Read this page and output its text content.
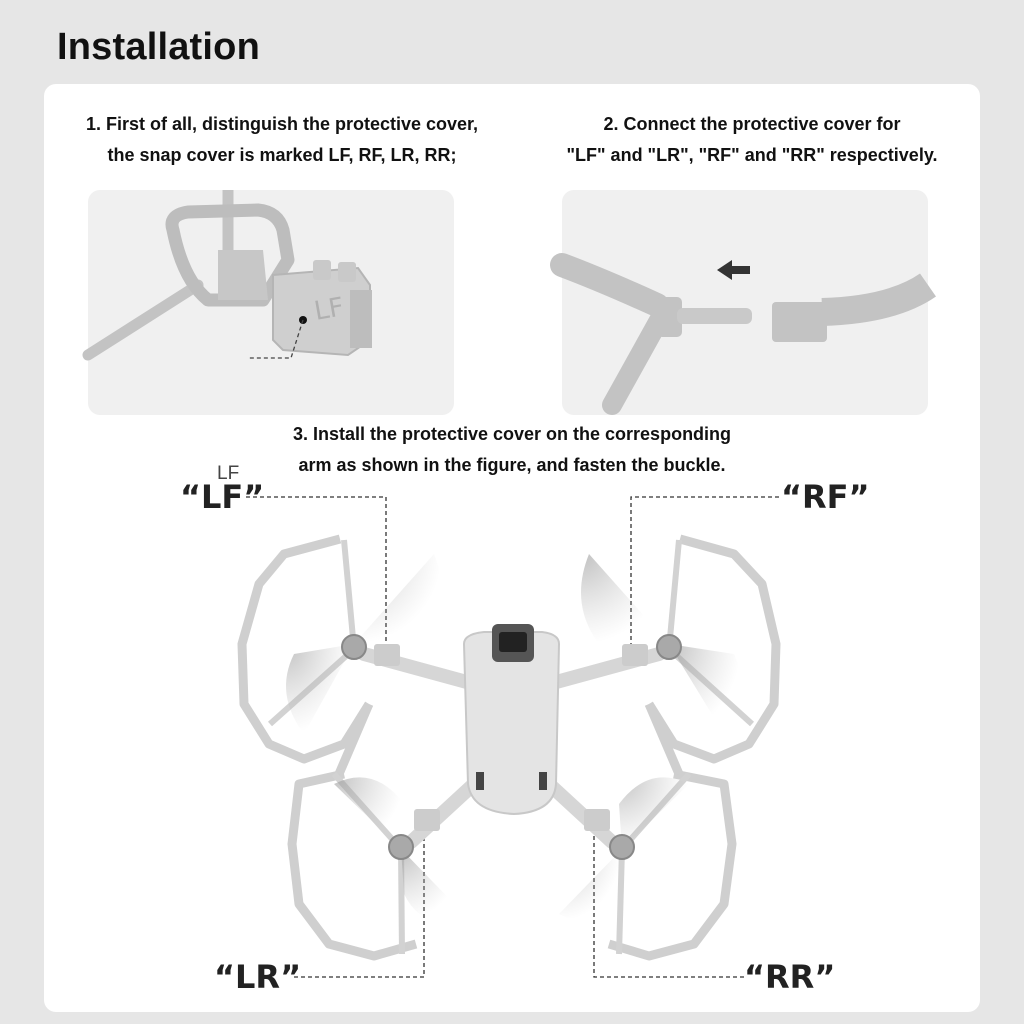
Installation
1. First of all, distinguish the protective cover,
the snap cover is marked LF, RF, LR, RR;
2. Connect the protective cover for
"LF" and "LR", "RF" and "RR" respectively.
LF
LF
3. Install the protective cover on the corresponding
arm as shown in the figure, and fasten the buckle.
“LF”	“RF”
“LR”	“RR”
